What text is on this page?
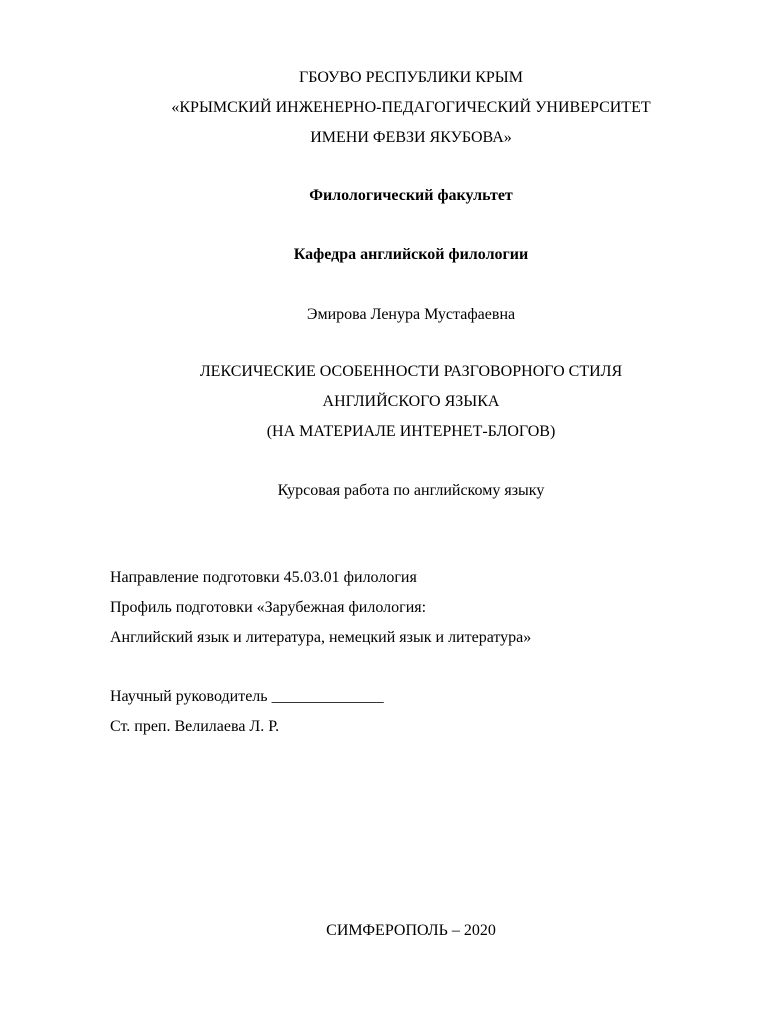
ГБОУВО РЕСПУБЛИКИ КРЫМ
«КРЫМСКИЙ ИНЖЕНЕРНО-ПЕДАГОГИЧЕСКИЙ УНИВЕРСИТЕТ
ИМЕНИ ФЕВЗИ ЯКУБОВА»
Филологический факультет
Кафедра английской филологии
Эмирова Ленура Мустафаевна
ЛЕКСИЧЕСКИЕ ОСОБЕННОСТИ РАЗГОВОРНОГО СТИЛЯ
АНГЛИЙСКОГО ЯЗЫКА
(НА МАТЕРИАЛЕ ИНТЕРНЕТ-БЛОГОВ)
Курсовая работа по английскому языку
Направление подготовки 45.03.01 филология
Профиль подготовки «Зарубежная филология:
Английский язык и литература, немецкий язык и литература»
Научный руководитель ______________
Ст. преп. Велилаева Л. Р.
СИМФЕРОПОЛЬ – 2020
